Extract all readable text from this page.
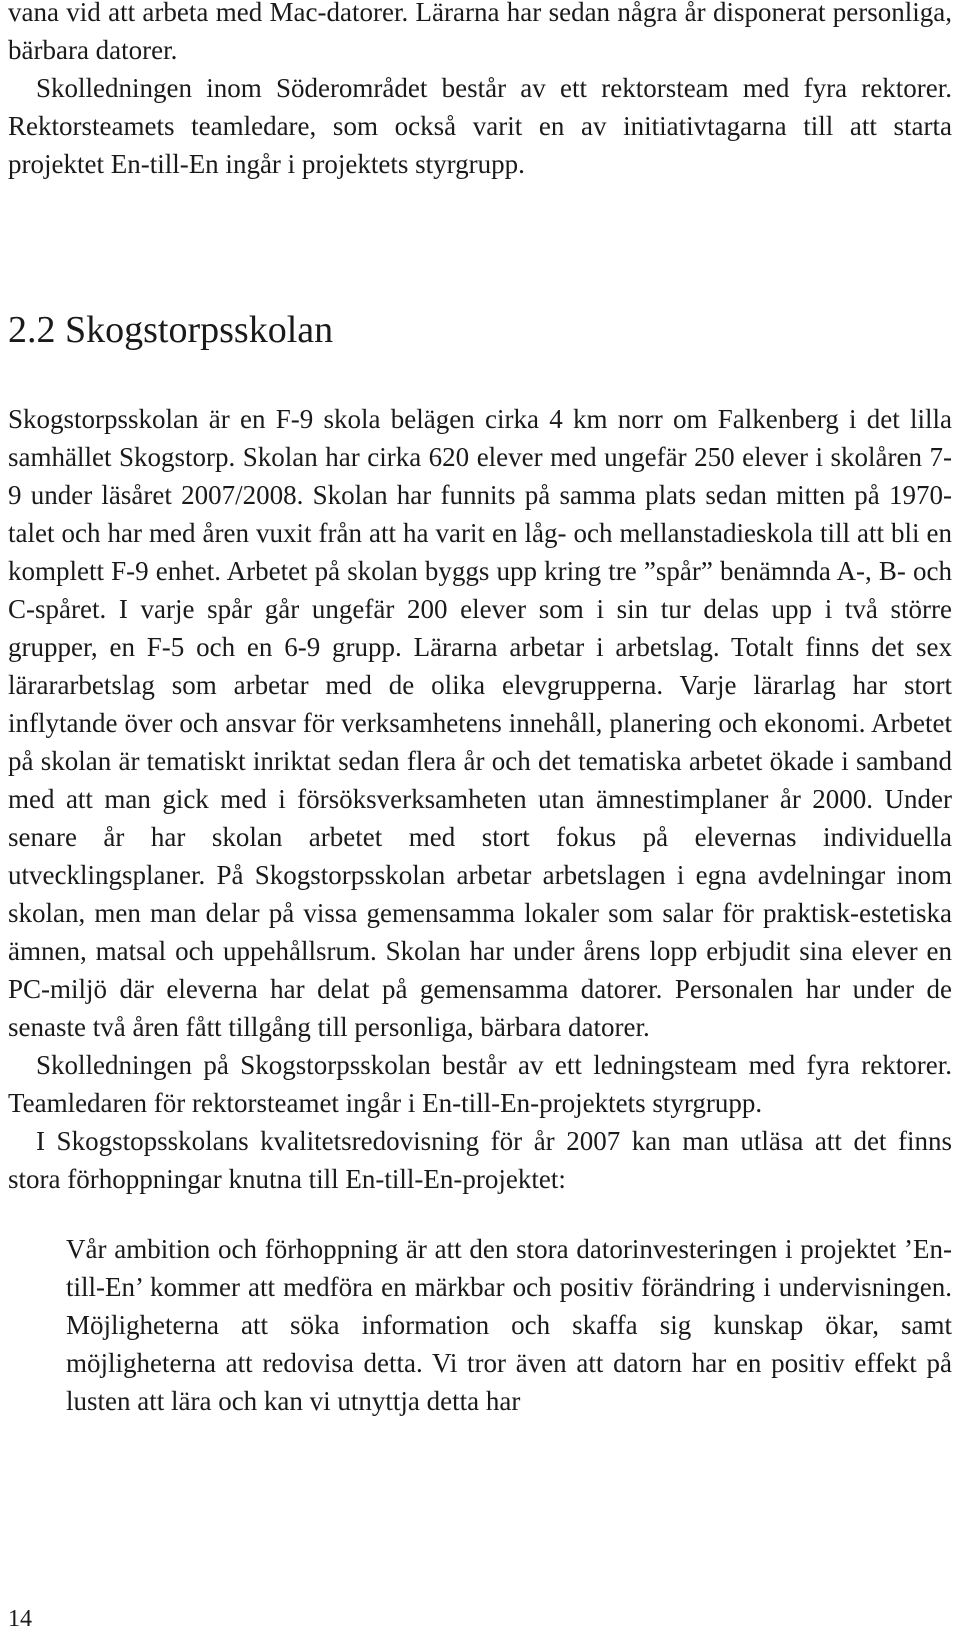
vana vid att arbeta med Mac-datorer. Lärarna har sedan några år disponerat personliga, bärbara datorer.

Skolledningen inom Söderområdet består av ett rektorsteam med fyra rektorer. Rektorsteamets teamledare, som också varit en av initiativtagarna till att starta projektet En-till-En ingår i projektets styrgrupp.

2.2 Skogstorpsskolan

Skogstorpsskolan är en F-9 skola belägen cirka 4 km norr om Falkenberg i det lilla samhället Skogstorp. Skolan har cirka 620 elever med ungefär 250 elever i skolåren 7-9 under läsåret 2007/2008. Skolan har funnits på samma plats sedan mitten på 1970-talet och har med åren vuxit från att ha varit en låg- och mellanstadieskola till att bli en komplett F-9 enhet. Arbetet på skolan byggs upp kring tre ”spår” benämnda A-, B- och C-spåret. I varje spår går ungefär 200 elever som i sin tur delas upp i två större grupper, en F-5 och en 6-9 grupp. Lärarna arbetar i arbetslag. Totalt finns det sex lärararbetslag som arbetar med de olika elevgrupperna. Varje lärarlag har stort inflytande över och ansvar för verksamhetens innehåll, planering och ekonomi. Arbetet på skolan är tematiskt inriktat sedan flera år och det tematiska arbetet ökade i samband med att man gick med i försöksverksamheten utan ämnestimplaner år 2000. Under senare år har skolan arbetet med stort fokus på elevernas individuella utvecklingsplaner. På Skogstorpsskolan arbetar arbetslagen i egna avdelningar inom skolan, men man delar på vissa gemensamma lokaler som salar för praktisk-estetiska ämnen, matsal och uppehållsrum. Skolan har under årens lopp erbjudit sina elever en PC-miljö där eleverna har delat på gemensamma datorer. Personalen har under de senaste två åren fått tillgång till personliga, bärbara datorer.

Skolledningen på Skogstorpsskolan består av ett ledningsteam med fyra rektorer. Teamledaren för rektorsteamet ingår i En-till-En-projektets styrgrupp.

I Skogstopsskolans kvalitetsredovisning för år 2007 kan man utläsa att det finns stora förhoppningar knutna till En-till-En-projektet:

Vår ambition och förhoppning är att den stora datorinvesteringen i projektet ’En-till-En’ kommer att medföra en märkbar och positiv förändring i undervisningen. Möjligheterna att söka information och skaffa sig kunskap ökar, samt möjligheterna att redovisa detta. Vi tror även att datorn har en positiv effekt på lusten att lära och kan vi utnyttja detta har

14
